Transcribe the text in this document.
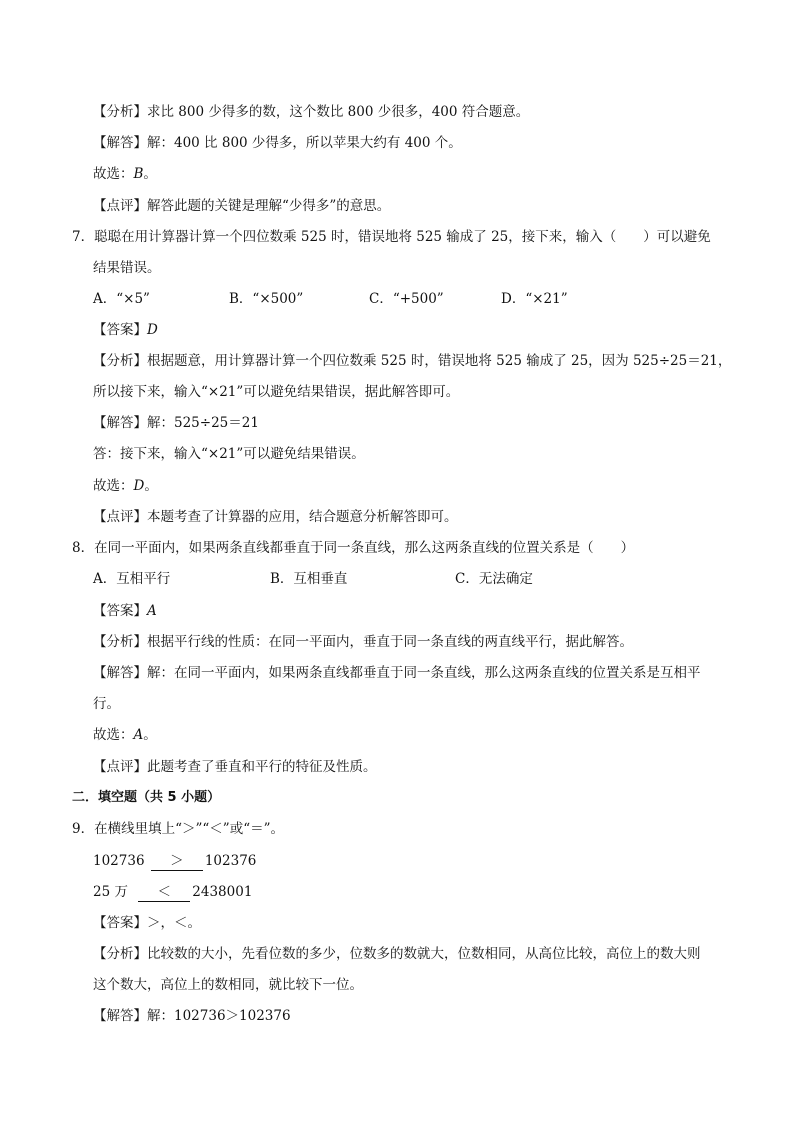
【分析】求比 800 少得多的数，这个数比 800 少很多，400 符合题意。
【解答】解：400 比 800 少得多，所以苹果大约有 400 个。
故选：B。
【点评】解答此题的关键是理解“少得多”的意思。
7．聪聪在用计算器计算一个四位数乘 525 时，错误地将 525 输成了 25，接下来，输入（　　）可以避免
结果错误。
A．“×5”	B．“×500”	C．“+500”	D．“×21”
【答案】D
【分析】根据题意，用计算器计算一个四位数乘 525 时，错误地将 525 输成了 25，因为 525÷25＝21，
所以接下来，输入“×21”可以避免结果错误，据此解答即可。
【解答】解：525÷25＝21
答：接下来，输入“×21”可以避免结果错误。
故选：D。
【点评】本题考查了计算器的应用，结合题意分析解答即可。
8．在同一平面内，如果两条直线都垂直于同一条直线，那么这两条直线的位置关系是（　　）
A．互相平行	B．互相垂直	C．无法确定
【答案】A
【分析】根据平行线的性质：在同一平面内，垂直于同一条直线的两直线平行，据此解答。
【解答】解：在同一平面内，如果两条直线都垂直于同一条直线，那么这两条直线的位置关系是互相平
行。
故选：A。
【点评】此题考查了垂直和平行的特征及性质。
二．填空题（共 5 小题）
9．在横线里填上“＞”“＜”或“＝”。
102736 ＞ 102376
25 万 ＜ 2438001
【答案】＞，＜。
【分析】比较数的大小，先看位数的多少，位数多的数就大，位数相同，从高位比较，高位上的数大则
这个数大，高位上的数相同，就比较下一位。
【解答】解：102736＞102376
